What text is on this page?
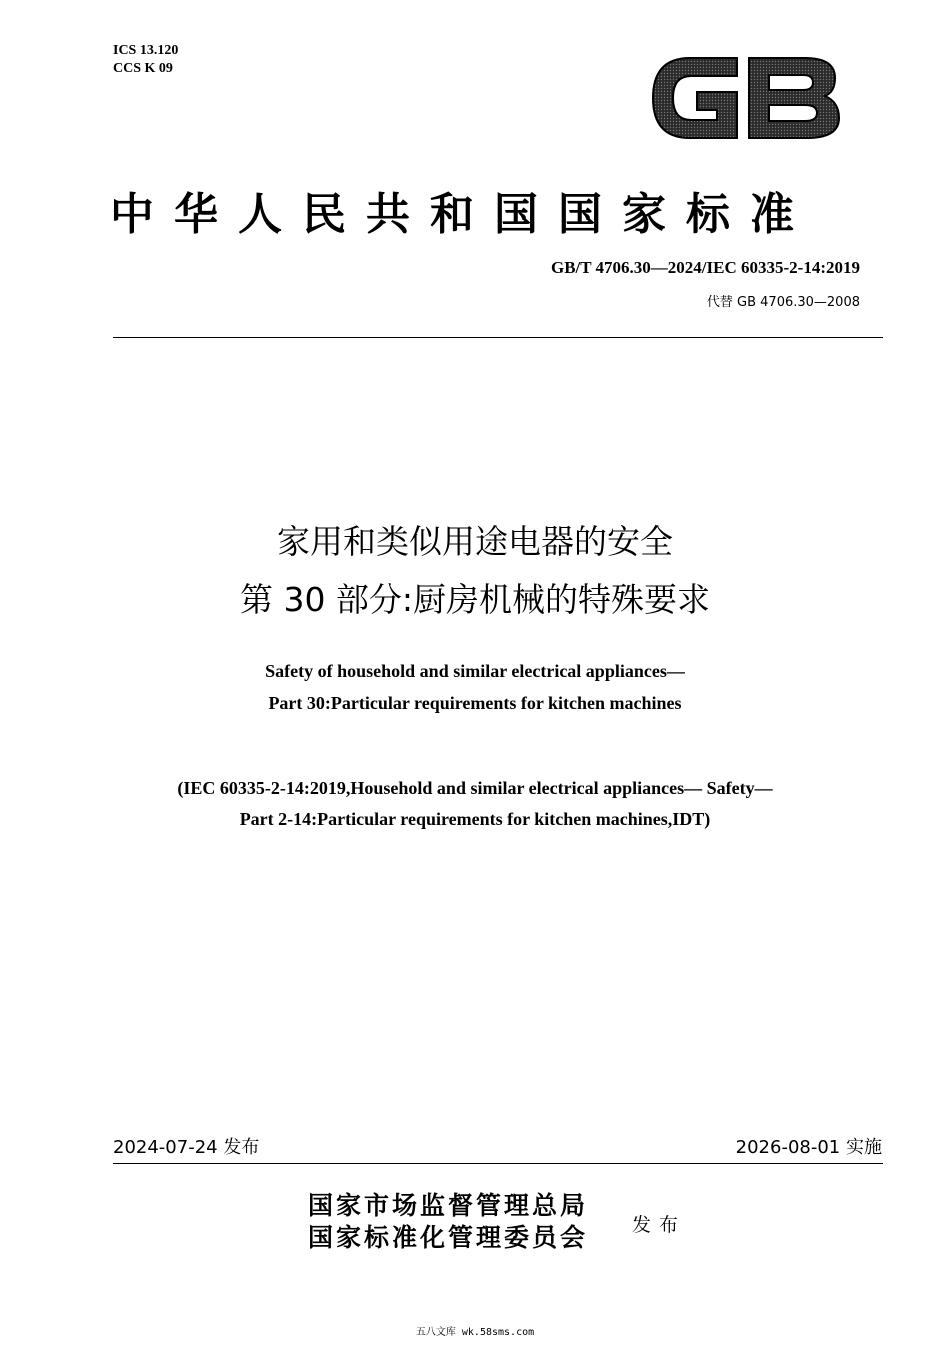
ICS 13.120
CCS K 09
中华人民共和国国家标准
GB/T 4706.30—2024/IEC 60335-2-14:2019
代替 GB 4706.30—2008
家用和类似用途电器的安全
第 30 部分:厨房机械的特殊要求
Safety of household and similar electrical appliances—
Part 30:Particular requirements for kitchen machines
(IEC 60335-2-14:2019,Household and similar electrical appliances— Safety—
Part 2-14:Particular requirements for kitchen machines,IDT)
2024-07-24 发布	2026-08-01 实施
国家市场监督管理总局
国家标准化管理委员会 发布
五八文库 wk.58sms.com
